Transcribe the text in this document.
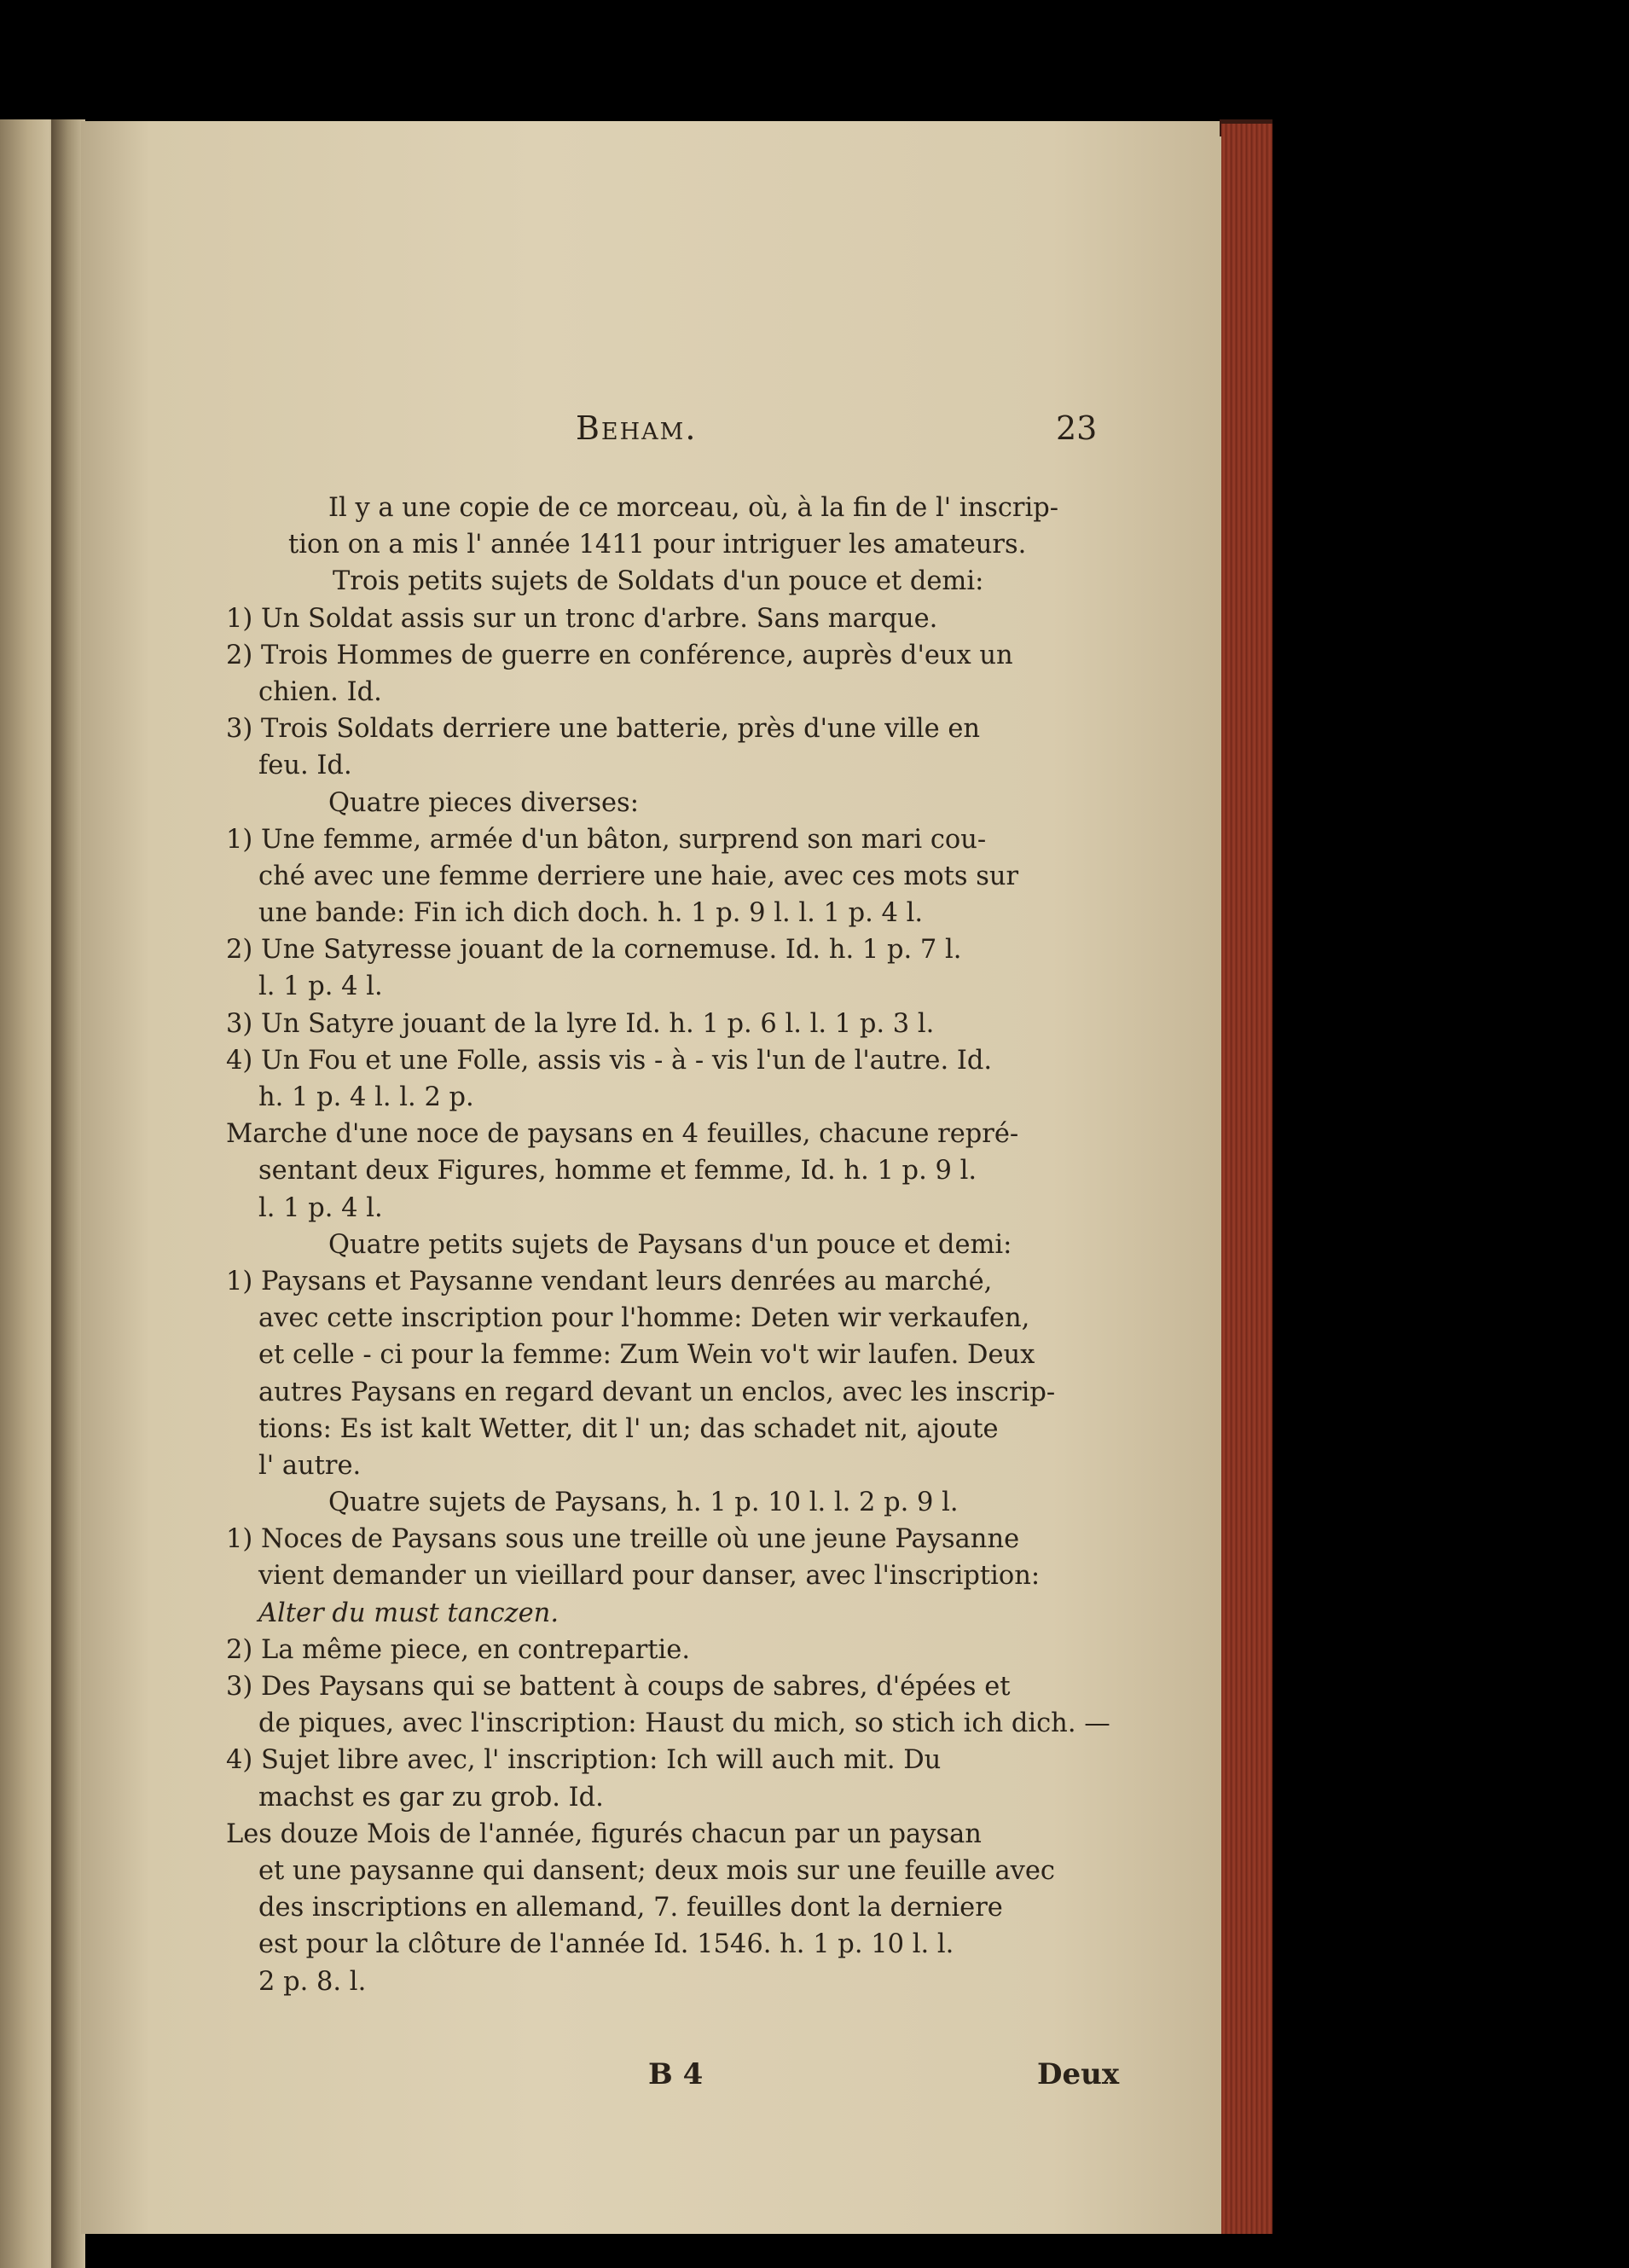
Beham.	23
Il y a une copie de ce morceau, où, à la fin de l' inscrip-
tion on a mis l' année 1411 pour intriguer les amateurs.
Trois petits sujets de Soldats d'un pouce et demi:
1) Un Soldat assis sur un tronc d'arbre. Sans marque.
2) Trois Hommes de guerre en conférence, auprès d'eux un
chien. Id.
3) Trois Soldats derriere une batterie, près d'une ville en
feu. Id.
Quatre pieces diverses:
1) Une femme, armée d'un bâton, surprend son mari cou-
ché avec une femme derriere une haie, avec ces mots sur
une bande: Fin ich dich doch. h. 1 p. 9 l. l. 1 p. 4 l.
2) Une Satyresse jouant de la cornemuse. Id. h. 1 p. 7 l.
l. 1 p. 4 l.
3) Un Satyre jouant de la lyre Id. h. 1 p. 6 l. l. 1 p. 3 l.
4) Un Fou et une Folle, assis vis - à - vis l'un de l'autre. Id.
h. 1 p. 4 l. l. 2 p.
Marche d'une noce de paysans en 4 feuilles, chacune repré-
sentant deux Figures, homme et femme, Id. h. 1 p. 9 l.
l. 1 p. 4 l.
Quatre petits sujets de Paysans d'un pouce et demi:
1) Paysans et Paysanne vendant leurs denrées au marché,
avec cette inscription pour l'homme: Deten wir verkaufen,
et celle - ci pour la femme: Zum Wein vo't wir laufen. Deux
autres Paysans en regard devant un enclos, avec les inscrip-
tions: Es ist kalt Wetter, dit l' un; das schadet nit, ajoute
l' autre.
Quatre sujets de Paysans, h. 1 p. 10 l. l. 2 p. 9 l.
1) Noces de Paysans sous une treille où une jeune Paysanne
vient demander un vieillard pour danser, avec l'inscription:
Alter du must tanczen.
2) La même piece, en contrepartie.
3) Des Paysans qui se battent à coups de sabres, d'épées et
de piques, avec l'inscription: Haust du mich, so stich ich dich. —
4) Sujet libre avec, l' inscription: Ich will auch mit. Du
machst es gar zu grob. Id.
Les douze Mois de l'année, figurés chacun par un paysan
et une paysanne qui dansent; deux mois sur une feuille avec
des inscriptions en allemand, 7. feuilles dont la derniere
est pour la clôture de l'année Id. 1546. h. 1 p. 10 l. l.
2 p. 8. l.
B 4	Deux
